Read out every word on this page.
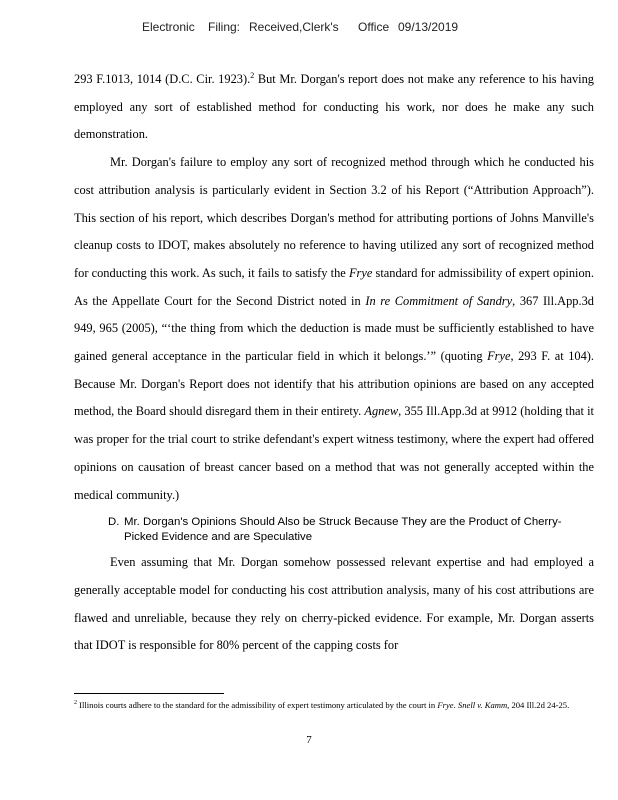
Electronic Filing: Received,Clerk's Office 09/13/2019

293 F.1013, 1014 (D.C. Cir. 1923).$^2$ But Mr. Dorgan's report does not make any reference to his having employed any sort of established method for conducting his work, nor does he make any such demonstration.

Mr. Dorgan's failure to employ any sort of recognized method through which he conducted his cost attribution analysis is particularly evident in Section 3.2 of his Report (“Attribution Approach”). This section of his report, which describes Dorgan's method for attributing portions of Johns Manville's cleanup costs to IDOT, makes absolutely no reference to having utilized any sort of recognized method for conducting this work. As such, it fails to satisfy the Frye standard for admissibility of expert opinion. As the Appellate Court for the Second District noted in In re Commitment of Sandry, 367 Ill.App.3d 949, 965 (2005), “‘the thing from which the deduction is made must be sufficiently established to have gained general acceptance in the particular field in which it belongs.’” (quoting Frye, 293 F. at 104). Because Mr. Dorgan's Report does not identify that his attribution opinions are based on any accepted method, the Board should disregard them in their entirety. Agnew, 355 Ill.App.3d at 9912 (holding that it was proper for the trial court to strike defendant's expert witness testimony, where the expert had offered opinions on causation of breast cancer based on a method that was not generally accepted within the medical community.)

D. Mr. Dorgan's Opinions Should Also be Struck Because They are the Product of Cherry-Picked Evidence and are Speculative

Even assuming that Mr. Dorgan somehow possessed relevant expertise and had employed a generally acceptable model for conducting his cost attribution analysis, many of his cost attributions are flawed and unreliable, because they rely on cherry-picked evidence. For example, Mr. Dorgan asserts that IDOT is responsible for 80% percent of the capping costs for

$^2$ Illinois courts adhere to the standard for the admissibility of expert testimony articulated by the court in Frye. Snell v. Kamm, 204 Ill.2d 24-25.

7
